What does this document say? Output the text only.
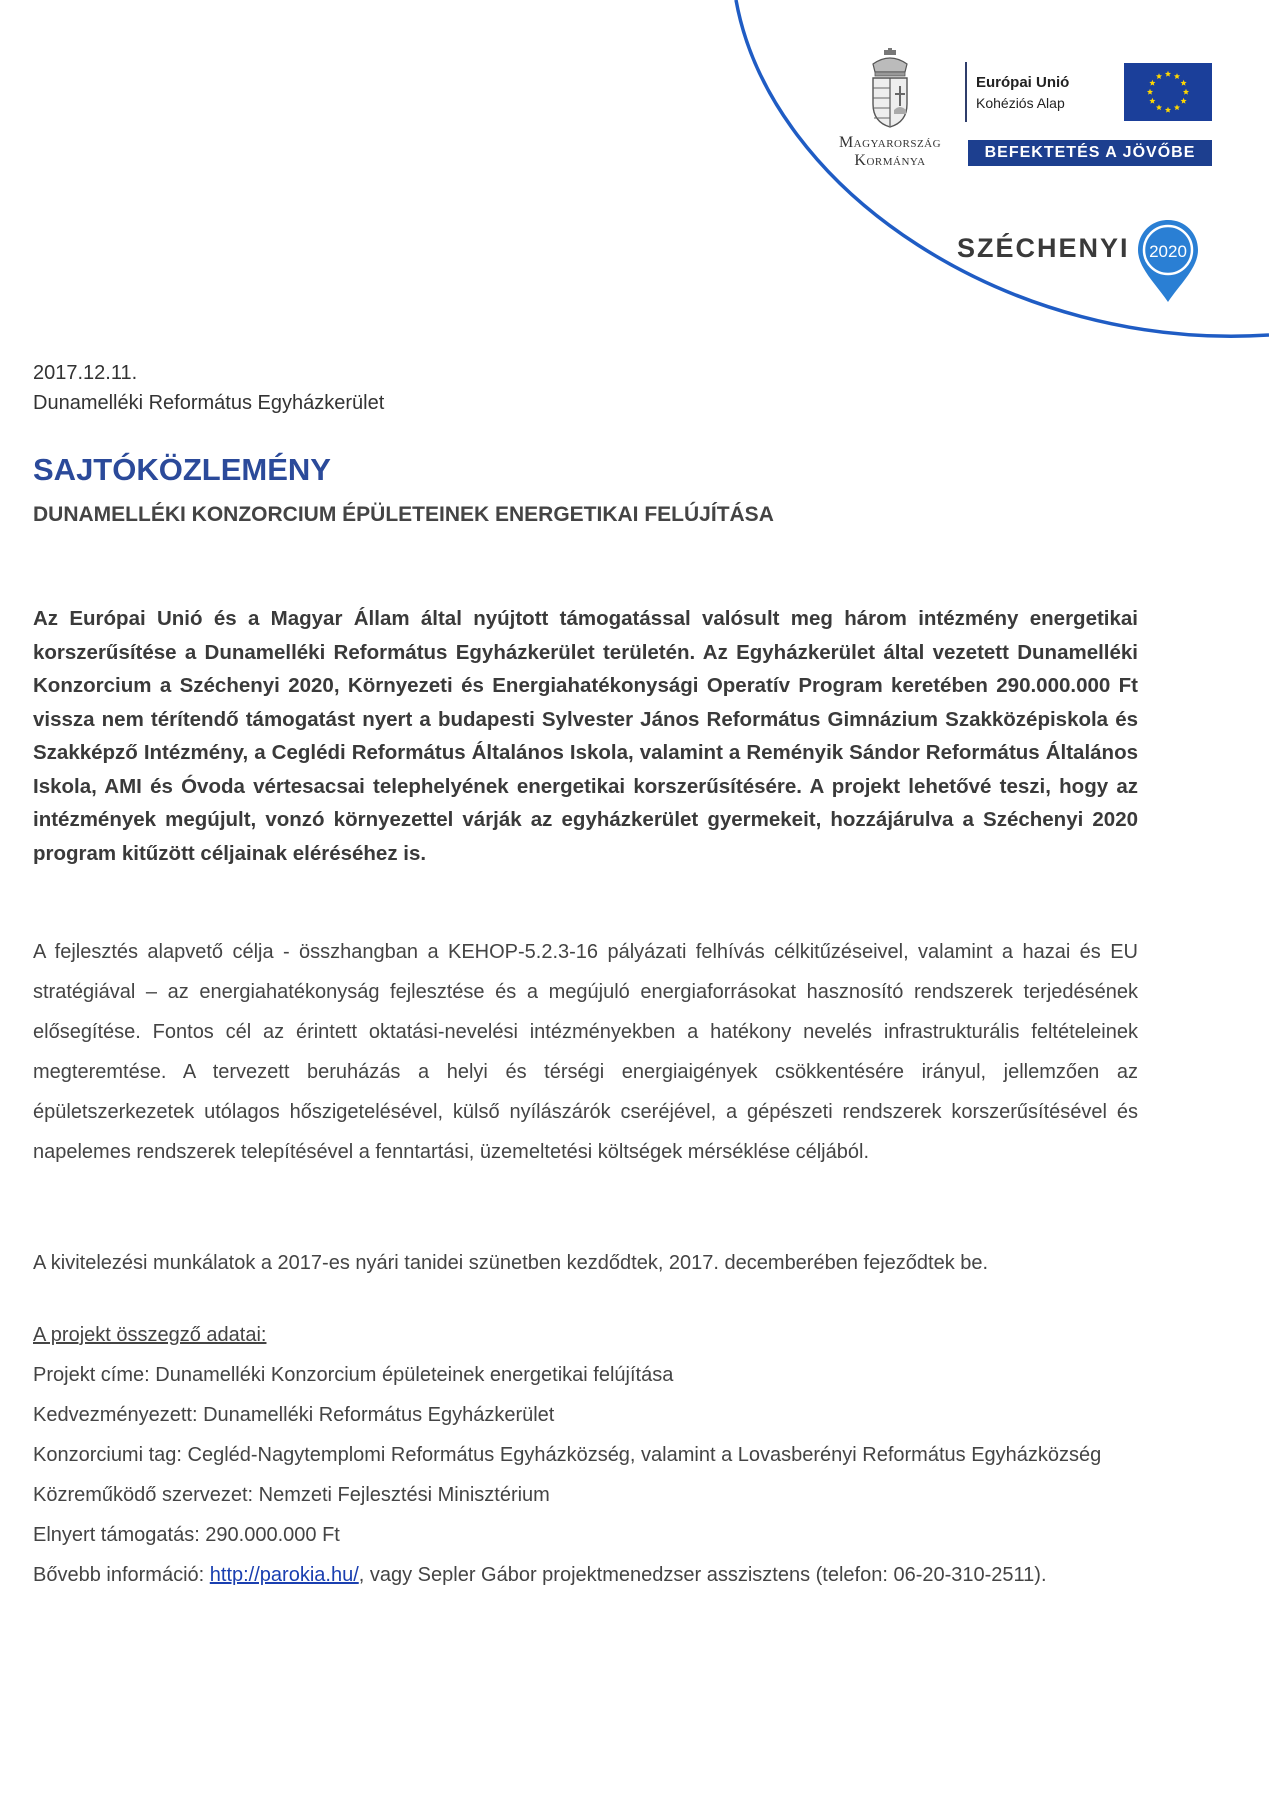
Magyarország
Kormánya
Európai Unió
Kohéziós Alap
BEFEKTETÉS A JÖVŐBE
SZÉCHENYI 2020
2017.12.11.
Dunamelléki Református Egyházkerület
SAJTÓKÖZLEMÉNY
DUNAMELLÉKI KONZORCIUM ÉPÜLETEINEK ENERGETIKAI FELÚJÍTÁSA

Az Európai Unió és a Magyar Állam által nyújtott támogatással valósult meg három intézmény energetikai korszerűsítése a Dunamelléki Református Egyházkerület területén. Az Egyházkerület által vezetett Dunamelléki Konzorcium a Széchenyi 2020, Környezeti és Energiahatékonysági Operatív Program keretében 290.000.000 Ft vissza nem térítendő támogatást nyert a budapesti Sylvester János Református Gimnázium Szakközépiskola és Szakképző Intézmény, a Ceglédi Református Általános Iskola, valamint a Reményik Sándor Református Általános Iskola, AMI és Óvoda vértesacsai telephelyének energetikai korszerűsítésére. A projekt lehetővé teszi, hogy az intézmények megújult, vonzó környezettel várják az egyházkerület gyermekeit, hozzájárulva a Széchenyi 2020 program kitűzött céljainak eléréséhez is.

A fejlesztés alapvető célja - összhangban a KEHOP-5.2.3-16 pályázati felhívás célkitűzéseivel, valamint a hazai és EU stratégiával – az energiahatékonyság fejlesztése és a megújuló energiaforrásokat hasznosító rendszerek terjedésének elősegítése. Fontos cél az érintett oktatási-nevelési intézményekben a hatékony nevelés infrastrukturális feltételeinek megteremtése. A tervezett beruházás a helyi és térségi energiaigények csökkentésére irányul, jellemzően az épületszerkezetek utólagos hőszigetelésével, külső nyílászárók cseréjével, a gépészeti rendszerek korszerűsítésével és napelemes rendszerek telepítésével a fenntartási, üzemeltetési költségek mérséklése céljából.

A kivitelezési munkálatok a 2017-es nyári tanidei szünetben kezdődtek, 2017. decemberében fejeződtek be.

A projekt összegző adatai:
Projekt címe: Dunamelléki Konzorcium épületeinek energetikai felújítása
Kedvezményezett: Dunamelléki Református Egyházkerület
Konzorciumi tag: Cegléd-Nagytemplomi Református Egyházközség, valamint a Lovasberényi Református Egyházközség
Közreműködő szervezet: Nemzeti Fejlesztési Minisztérium
Elnyert támogatás: 290.000.000 Ft
Bővebb információ: http://parokia.hu/, vagy Sepler Gábor projektmenedzser asszisztens (telefon: 06-20-310-2511).
